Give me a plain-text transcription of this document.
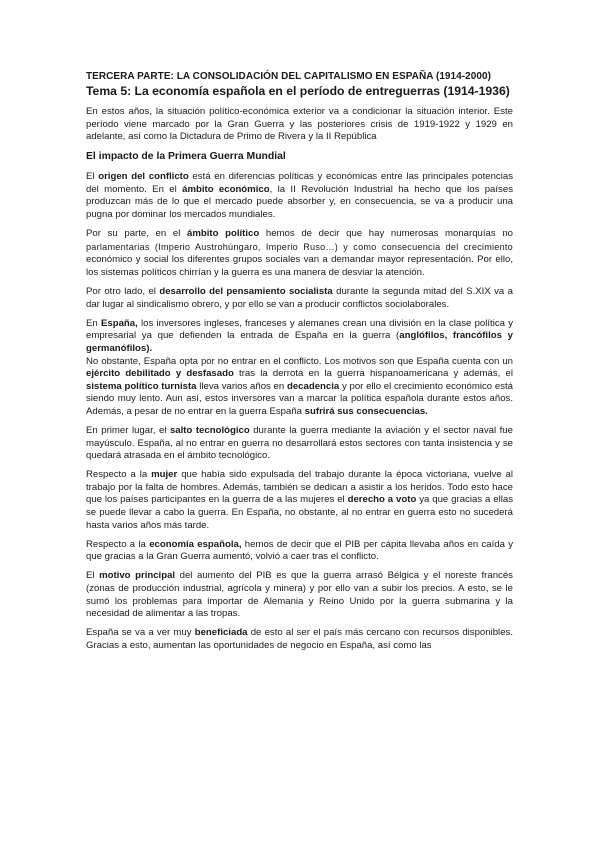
TERCERA PARTE: LA CONSOLIDACIÓN DEL CAPITALISMO EN ESPAÑA (1914-2000)
Tema 5: La economía española en el período de entreguerras (1914-1936)

En estos años, la situación político-económica exterior va a condicionar la situación interior. Este período viene marcado por la Gran Guerra y las posteriores crisis de 1919-1922 y 1929 en adelante, así como la Dictadura de Primo de Rivera y la II República

El impacto de la Primera Guerra Mundial

El origen del conflicto está en diferencias políticas y económicas entre las principales potencias del momento. En el ámbito económico, la II Revolución Industrial ha hecho que los países produzcan más de lo que el mercado puede absorber y, en consecuencia, se va a producir una pugna por dominar los mercados mundiales.

Por su parte, en el ámbito político hemos de decir que hay numerosas monarquías no parlamentarias (Imperio Austrohúngaro, Imperio Ruso…) y como consecuencia del crecimiento económico y social los diferentes grupos sociales van a demandar mayor representación. Por ello, los sistemas políticos chirrían y la guerra es una manera de desviar la atención.

Por otro lado, el desarrollo del pensamiento socialista durante la segunda mitad del S.XIX va a dar lugar al sindicalismo obrero, y por ello se van a producir conflictos sociolaborales.

En España, los inversores ingleses, franceses y alemanes crean una división en la clase política y empresarial ya que defienden la entrada de España en la guerra (anglófilos, francófilos y germanófilos).

No obstante, España opta por no entrar en el conflicto. Los motivos son que España cuenta con un ejército debilitado y desfasado tras la derrota en la guerra hispanoamericana y además, el sistema político turnista lleva varios años en decadencia y por ello el crecimiento económico está siendo muy lento. Aun así, estos inversores van a marcar la política española durante estos años. Además, a pesar de no entrar en la guerra España sufrirá sus consecuencias.

En primer lugar, el salto tecnológico durante la guerra mediante la aviación y el sector naval fue mayúsculo. España, al no entrar en guerra no desarrollará estos sectores con tanta insistencia y se quedará atrasada en el ámbito tecnológico.

Respecto a la mujer que había sido expulsada del trabajo durante la época victoriana, vuelve al trabajo por la falta de hombres. Además, también se dedican a asistir a los heridos. Todo esto hace que los países participantes en la guerra de a las mujeres el derecho a voto ya que gracias a ellas se puede llevar a cabo la guerra. En España, no obstante, al no entrar en guerra esto no sucederá hasta varios años más tarde.

Respecto a la economía española, hemos de decir que el PIB per cápita llevaba años en caída y que gracias a la Gran Guerra aumentó, volvió a caer tras el conflicto.

El motivo principal del aumento del PIB es que la guerra arrasó Bélgica y el noreste francés (zonas de producción industrial, agrícola y minera) y por ello van a subir los precios. A esto, se le sumó los problemas para importar de Alemania y Reino Unido por la guerra submarina y la necesidad de alimentar a las tropas.

España se va a ver muy beneficiada de esto al ser el país más cercano con recursos disponibles. Gracias a esto, aumentan las oportunidades de negocio en España, así como las
